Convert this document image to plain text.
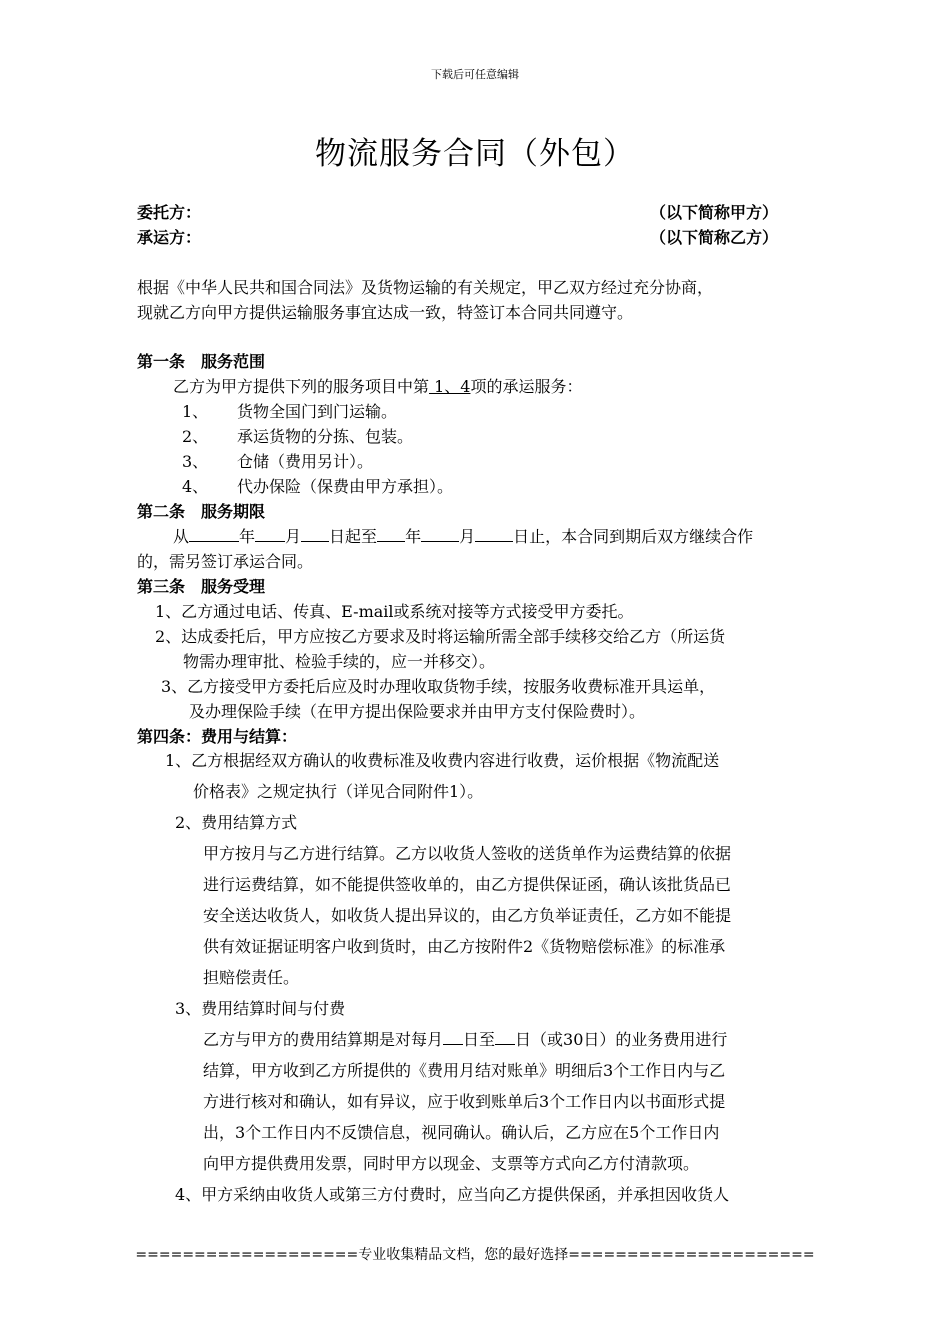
下载后可任意编辑
物流服务合同（外包）
委托方：	（以下简称甲方）
承运方：	（以下简称乙方）
根据《中华人民共和国合同法》及货物运输的有关规定，甲乙双方经过充分协商，
现就乙方向甲方提供运输服务事宜达成一致，特签订本合同共同遵守。
第一条　服务范围
乙方为甲方提供下列的服务项目中第 1、4项的承运服务：
1、 货物全国门到门运输。
2、 承运货物的分拣、包装。
3、 仓储（费用另计）。
4、 代办保险（保费由甲方承担）。
第二条　服务期限
从	年 月 日起至 年 月 日止，本合同到期后双方继续合作
的，需另签订承运合同。
第三条　服务受理
1、乙方通过电话、传真、E-mail或系统对接等方式接受甲方委托。
2、达成委托后，甲方应按乙方要求及时将运输所需全部手续移交给乙方（所运货
物需办理审批、检验手续的，应一并移交）。
3、乙方接受甲方委托后应及时办理收取货物手续，按服务收费标准开具运单，
及办理保险手续（在甲方提出保险要求并由甲方支付保险费时）。
第四条：费用与结算：
1、乙方根据经双方确认的收费标准及收费内容进行收费，运价根据《物流配送
价格表》之规定执行（详见合同附件1）。
2、费用结算方式
甲方按月与乙方进行结算。乙方以收货人签收的送货单作为运费结算的依据
进行运费结算，如不能提供签收单的，由乙方提供保证函，确认该批货品已
安全送达收货人，如收货人提出异议的，由乙方负举证责任，乙方如不能提
供有效证据证明客户收到货时，由乙方按附件2《货物赔偿标准》的标准承
担赔偿责任。
3、费用结算时间与付费
乙方与甲方的费用结算期是对每月 日至 日（或30日）的业务费用进行
结算，甲方收到乙方所提供的《费用月结对账单》明细后3个工作日内与乙
方进行核对和确认，如有异议，应于收到账单后3个工作日内以书面形式提
出，3个工作日内不反馈信息，视同确认。确认后，乙方应在5个工作日内
向甲方提供费用发票，同时甲方以现金、支票等方式向乙方付清款项。
4、甲方采纳由收货人或第三方付费时，应当向乙方提供保函，并承担因收货人
===================专业收集精品文档，您的最好选择=====================
